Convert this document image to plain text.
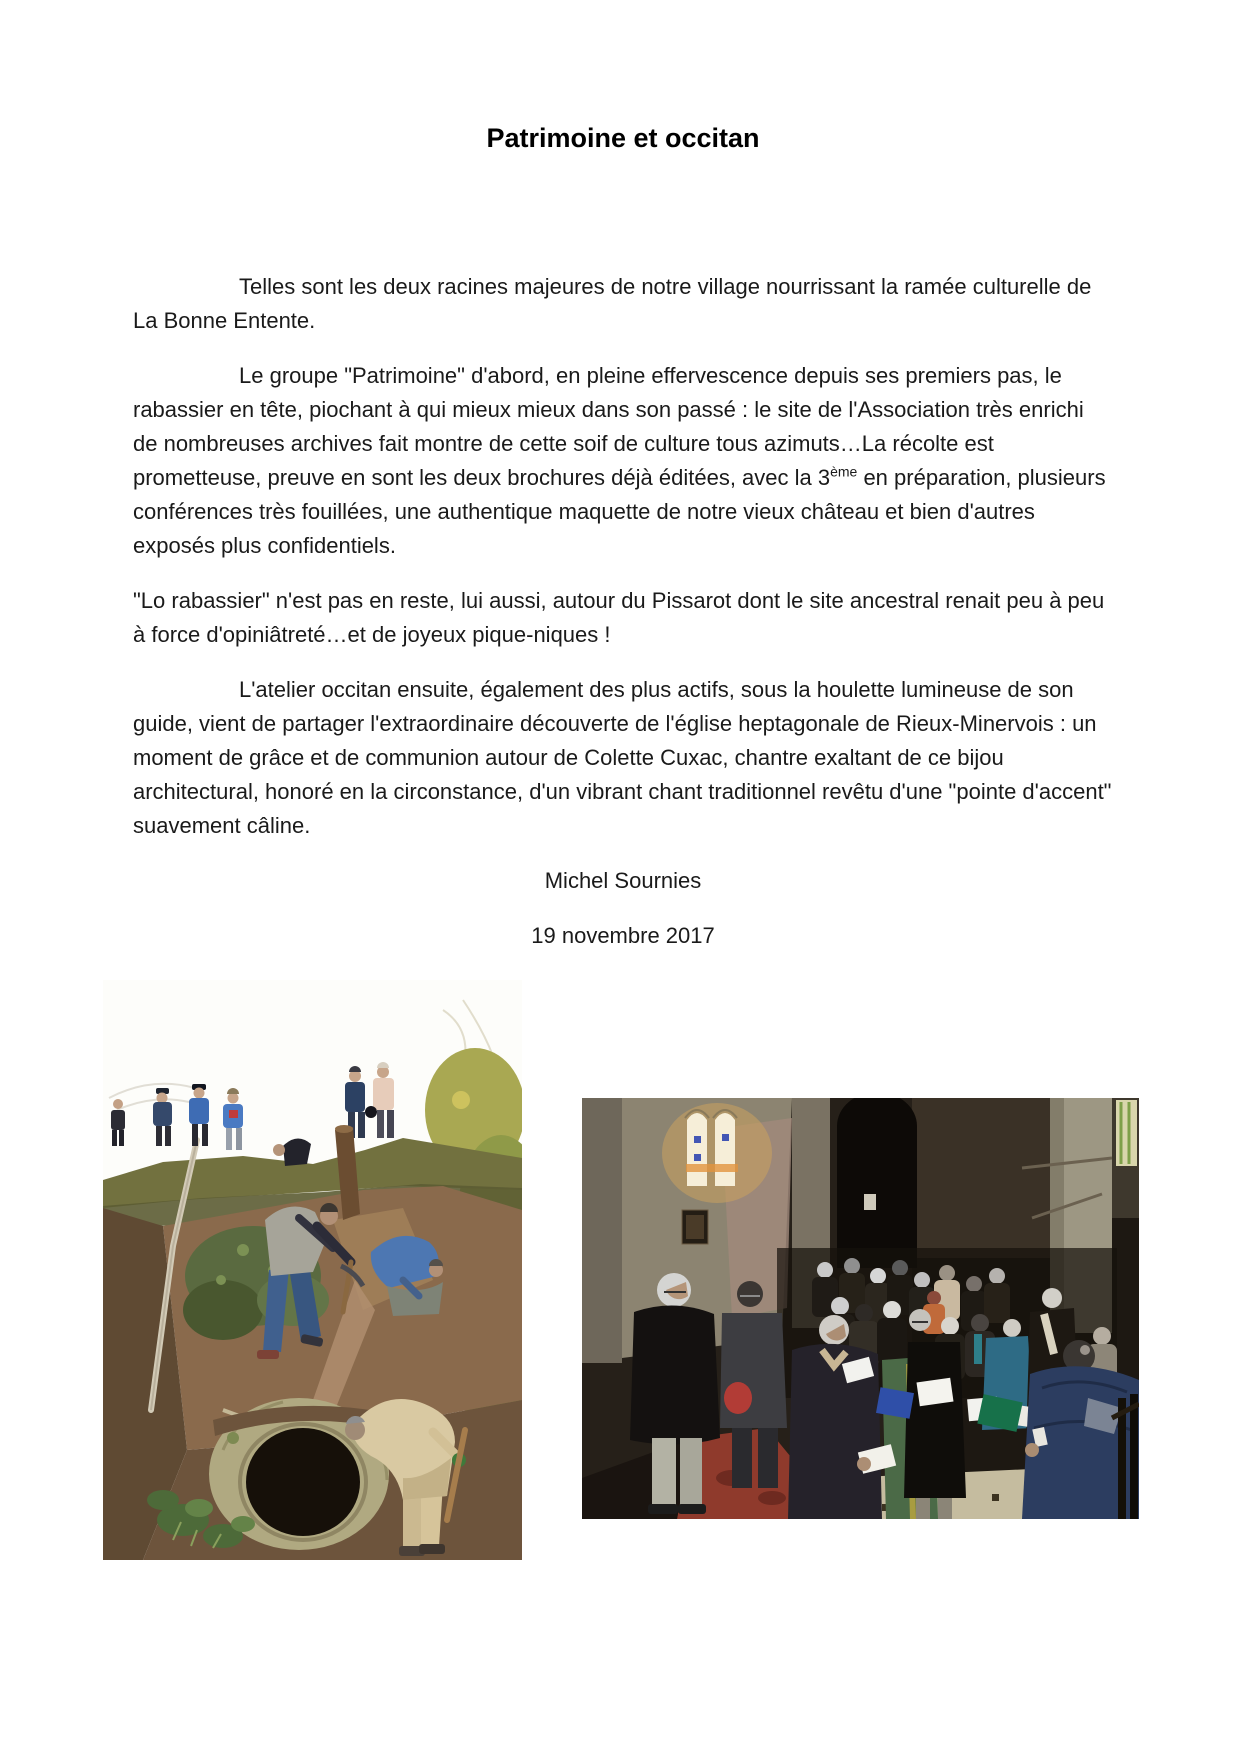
Patrimoine et occitan

Telles sont les deux racines majeures de notre village nourrissant la ramée culturelle de La Bonne Entente.

Le groupe "Patrimoine" d'abord, en pleine effervescence depuis ses premiers pas, le rabassier en tête, piochant à qui mieux mieux dans son passé : le site de l'Association très enrichi de nombreuses archives fait montre de cette soif de culture tous azimuts…La récolte est prometteuse, preuve en sont les deux brochures déjà éditées, avec la 3ème en préparation, plusieurs conférences très fouillées, une authentique maquette de notre vieux château et bien d'autres exposés plus confidentiels.

"Lo rabassier" n'est pas en reste, lui aussi, autour du Pissarot dont le site ancestral renait peu à peu à force d'opiniâtreté…et de joyeux pique-niques !

L'atelier occitan ensuite, également des plus actifs, sous la houlette lumineuse de son guide, vient de partager l'extraordinaire découverte de l'église heptagonale de Rieux-Minervois : un moment de grâce et de communion autour de Colette Cuxac, chantre exaltant de ce bijou architectural, honoré en la circonstance, d'un vibrant chant traditionnel revêtu d'une "pointe d'accent" suavement câline.

Michel Sournies

19 novembre 2017
